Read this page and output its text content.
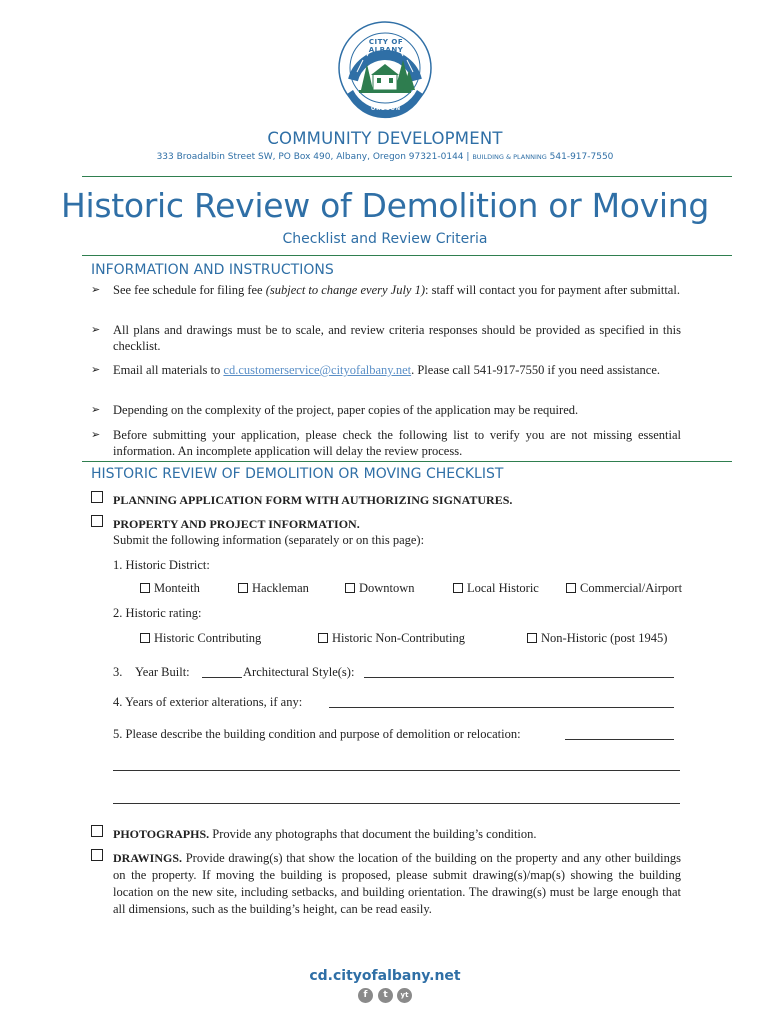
CITY OF ALBANY
OREGON
COMMUNITY DEVELOPMENT
333 Broadalbin Street SW, PO Box 490, Albany, Oregon 97321-0144 | BUILDING & PLANNING 541-917-7550
Historic Review of Demolition or Moving
Checklist and Review Criteria
INFORMATION AND INSTRUCTIONS
➢ See fee schedule for filing fee (subject to change every July 1): staff will contact you for payment after submittal.
➢ All plans and drawings must be to scale, and review criteria responses should be provided as specified in this checklist.
➢ Email all materials to cd.customerservice@cityofalbany.net. Please call 541-917-7550 if you need assistance.
➢ Depending on the complexity of the project, paper copies of the application may be required.
➢ Before submitting your application, please check the following list to verify you are not missing essential information. An incomplete application will delay the review process.
HISTORIC REVIEW OF DEMOLITION OR MOVING CHECKLIST
PLANNING APPLICATION FORM WITH AUTHORIZING SIGNATURES.
PROPERTY AND PROJECT INFORMATION.
Submit the following information (separately or on this page):
1. Historic District:
Monteith	Hackleman	Downtown	Local Historic	Commercial/Airport
2. Historic rating:
Historic Contributing	Historic Non-Contributing	Non-Historic (post 1945)
3. Year Built:	Architectural Style(s):
4. Years of exterior alterations, if any:
5. Please describe the building condition and purpose of demolition or relocation:
PHOTOGRAPHS. Provide any photographs that document the building’s condition.
DRAWINGS. Provide drawing(s) that show the location of the building on the property and any other buildings on the property. If moving the building is proposed, please submit drawing(s)/map(s) showing the building location on the new site, including setbacks, and building orientation. The drawing(s) must be large enough that all dimensions, such as the building’s height, can be read easily.
cd.cityofalbany.net
f	t	yt
